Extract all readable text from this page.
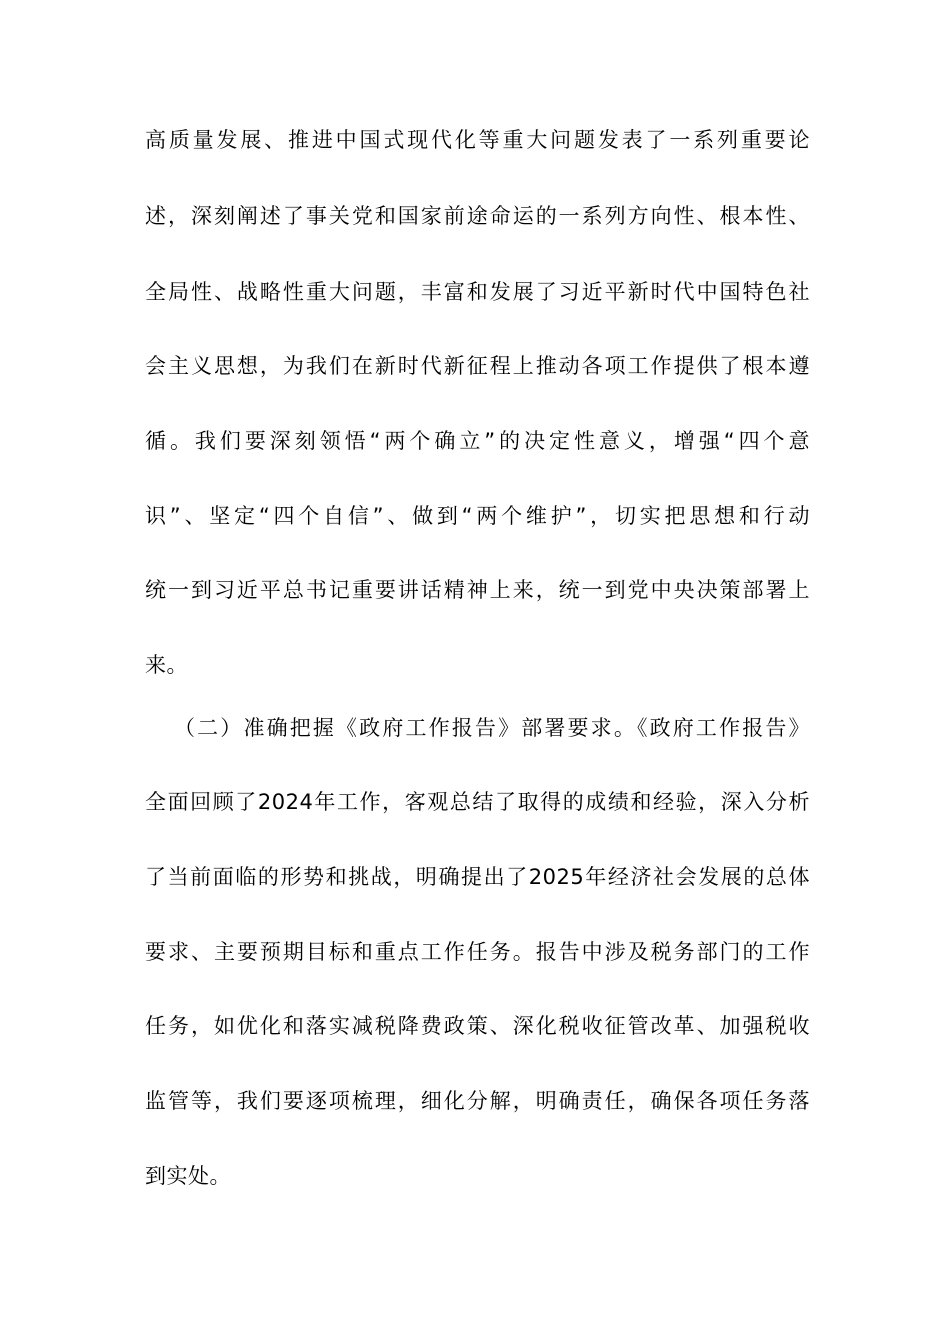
高质量发展、推进中国式现代化等重大问题发表了一系列重要论
述，深刻阐述了事关党和国家前途命运的一系列方向性、根本性、
全局性、战略性重大问题，丰富和发展了习近平新时代中国特色社
会主义思想，为我们在新时代新征程上推动各项工作提供了根本遵
循。我们要深刻领悟“两个确立”的决定性意义，增强“四个意
识”、坚定“四个自信”、做到“两个维护”，切实把思想和行动
统一到习近平总书记重要讲话精神上来，统一到党中央决策部署上
来。
（二）准确把握《政府工作报告》部署要求。《政府工作报告》
全面回顾了2024年工作，客观总结了取得的成绩和经验，深入分析
了当前面临的形势和挑战，明确提出了2025年经济社会发展的总体
要求、主要预期目标和重点工作任务。报告中涉及税务部门的工作
任务，如优化和落实减税降费政策、深化税收征管改革、加强税收
监管等，我们要逐项梳理，细化分解，明确责任，确保各项任务落
到实处。
